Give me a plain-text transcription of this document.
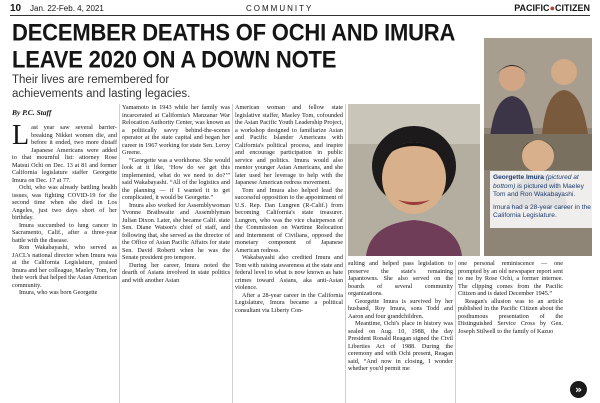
10 Jan. 22-Feb. 4, 2021	COMMUNITY	PACIFIC●CITIZEN
DECEMBER DEATHS OF OCHI AND IMURA
LEAVE 2020 ON A DOWN NOTE

Their lives are remembered for achievements and lasting legacies.

By P.C. Staff

Last year saw several barrier-breaking Nikkei women die, and before it ended, two more distaff Japanese Americans were added to that mournful list: attorney Rose Matsui Ochi on Dec. 13 at 81 and former California legislature staffer Georgette Imura on Dec. 17 at 77.

Ochi, who was already battling health issues, was fighting COVID-19 for the second time when she died in Los Angeles, just two days short of her birthday.

Imura succumbed to lung cancer in Sacramento, Calif., after a three-year battle with the disease.

Ron Wakabayashi, who served as JACL's national director when Imura was at the California Legislature, praised Imura and her colleague, Maeley Tom, for their work that helped the Asian American community.

Imura, who was born Georgette

Yamamoto in 1943 while her family was incarcerated at California's Manzanar War Relocation Authority Center, was known as a politically savvy behind-the-scenes operator at the state capital and began her career in 1967 working for state Sen. Leroy Greene.

“Georgette was a workhorse. She would look at it like, ‘How do we get this implemented, what do we need to do?’” said Wakabayashi. “All of the logistics and the planning — if I wanted it to get complicated, it would be Georgette.”

Imura also worked for Assemblywoman Yvonne Brathwaite and Assemblyman Julian Dixon. Later, she became Calif. state Sen. Diane Watson's chief of staff, and following that, she served as the director of the Office of Asian Pacific Affairs for state Sen. David Roberti when he was the Senate president pro tempore.

During her career, Imura noted the dearth of Asians involved in state politics and with another Asian

American woman and fellow state legislative staffer, Maeley Tom, cofounded the Asian Pacific Youth Leadership Project, a workshop designed to familiarize Asian and Pacific Islander Americans with California's political process, and inspire and encourage participation in public service and politics. Imura would also mentor younger Asian Americans, and she later used her leverage to help with the Japanese American redress movement.

Tom and Imura also helped lead the successful opposition to the appointment of U.S. Rep. Dan Lungren (R-Calif.) from becoming California's state treasurer. Lungren, who was the vice chairperson of the Commission on Wartime Relocation and Internment of Civilians, opposed the monetary component of Japanese American redress.

Wakabayashi also credited Imura and Tom with raising awareness at the state and federal level to what is now known as hate crimes toward Asians, aka anti-Asian violence.

After a 28-year career in the California Legislature, Imura became a political consultant via Liberty Con-

Georgette Imura (pictured at bottom) is pictured with Maeley Tom and Ron Wakabayashi.

Imura had a 28-year career in the California Legislature.

sulting and helped pass legislation to preserve the state's remaining Japantowns. She also served on the boards of several community organizations.

Georgette Imura is survived by her husband, Roy Imura, sons Todd and Aaron and four grandchildren.

Meantime, Ochi's place in history was sealed on Aug. 10, 1988, the day President Ronald Reagan signed the Civil Liberties Act of 1988. During the ceremony and with Ochi present, Reagan said, “And now in closing, I wonder whether you'd permit me

one personal reminiscence — one prompted by an old newspaper report sent to me by Rose Ochi, a former internee. The clipping comes from the Pacific Citizen and is dated December 1945.”

Reagan's allusion was to an article published in the Pacific Citizen about the posthumous presentation of the Distinguished Service Cross by Gen. Joseph Stilwell to the family of Kazuo

»
